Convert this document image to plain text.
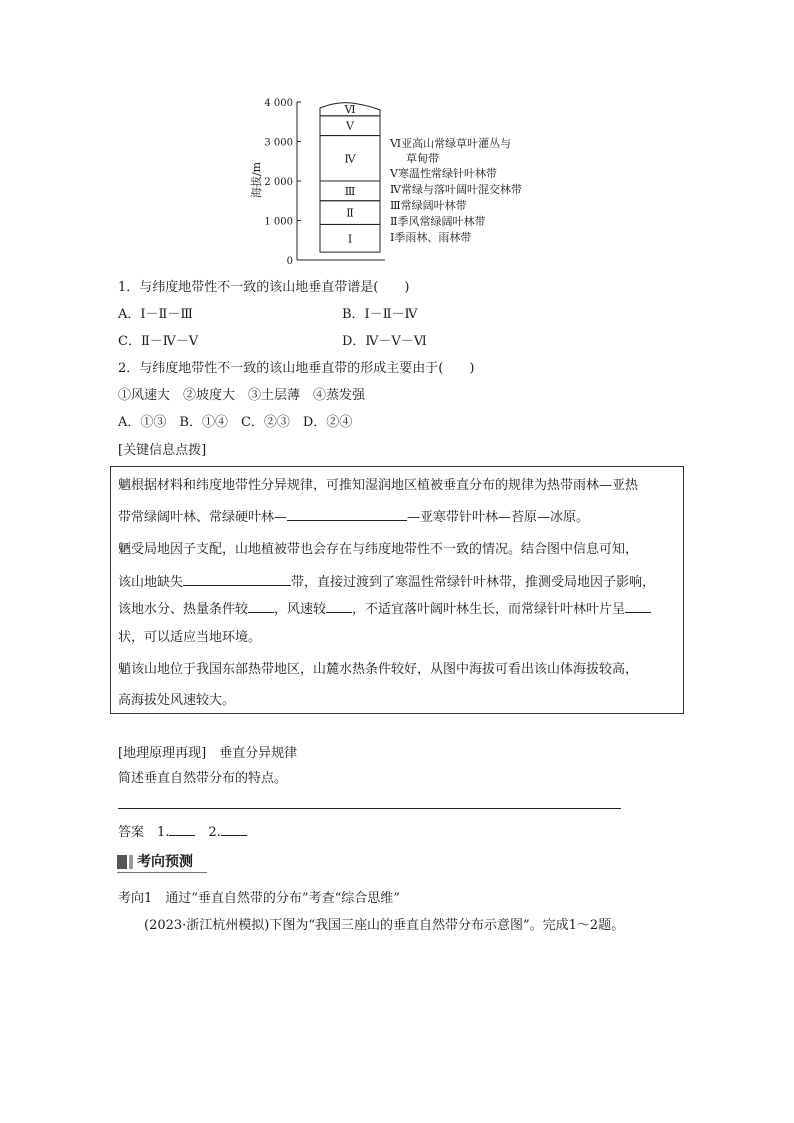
4 000
3 000
2 000
1 000
0
海拔/m
Ⅵ
Ⅴ
Ⅳ
Ⅲ
Ⅱ
Ⅰ
Ⅵ亚高山常绿草叶灌丛与
草甸带
Ⅴ寒温性常绿针叶林带
Ⅳ常绿与落叶阔叶混交林带
Ⅲ常绿阔叶林带
Ⅱ季风常绿阔叶林带
Ⅰ季雨林、雨林带
1．与纬度地带性不一致的该山地垂直带谱是(　　)
A．Ⅰ－Ⅱ－Ⅲ	B．Ⅰ－Ⅱ－Ⅳ
C．Ⅱ－Ⅳ－Ⅴ	D．Ⅳ－Ⅴ－Ⅵ
2．与纬度地带性不一致的该山地垂直带的形成主要由于(　　)
①风速大　②坡度大　③土层薄　④蒸发强
A．①③　B．①④　C．②③　D．②④
[关键信息点拨]
魑根据材料和纬度地带性分异规律，可推知湿润地区植被垂直分布的规律为热带雨林—亚热
带常绿阔叶林、常绿硬叶林—	—亚寒带针叶林—苔原—冰原。
魉受局地因子支配，山地植被带也会存在与纬度地带性不一致的情况。结合图中信息可知，
该山地缺失	带，直接过渡到了寒温性常绿针叶林带，推测受局地因子影响，
该地水分、热量条件较 ，风速较 ，不适宜落叶阔叶林生长，而常绿针叶林叶片呈
状，可以适应当地环境。
魈该山地位于我国东部热带地区，山麓水热条件较好，从图中海拔可看出该山体海拔较高，
高海拔处风速较大。
[地理原理再现]　垂直分异规律
简述垂直自然带分布的特点。
答案　1.　2.
考向预测
考向1　通过“垂直自然带的分布”考查“综合思维”
(2023·浙江杭州模拟)下图为“我国三座山的垂直自然带分布示意图”。完成1～2题。
